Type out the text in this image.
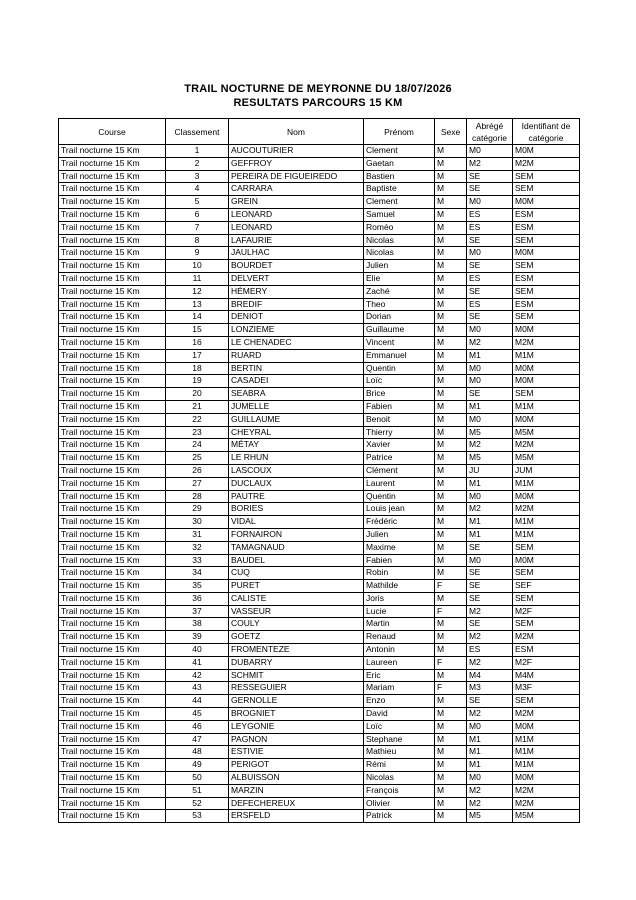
TRAIL NOCTURNE DE MEYRONNE DU 18/07/2026
RESULTATS PARCOURS 15 KM
Course	Classement	Nom	Prénom	Sexe	Abrégé catégorie	Identifiant de catégorie
Trail nocturne 15 Km	1	AUCOUTURIER	Clement	M	M0	M0M
Trail nocturne 15 Km	2	GEFFROY	Gaetan	M	M2	M2M
Trail nocturne 15 Km	3	PEREIRA DE FIGUEIREDO	Bastien	M	SE	SEM
Trail nocturne 15 Km	4	CARRARA	Baptiste	M	SE	SEM
Trail nocturne 15 Km	5	GREIN	Clement	M	M0	M0M
Trail nocturne 15 Km	6	LEONARD	Samuel	M	ES	ESM
Trail nocturne 15 Km	7	LEONARD	Roméo	M	ES	ESM
Trail nocturne 15 Km	8	LAFAURIE	Nicolas	M	SE	SEM
Trail nocturne 15 Km	9	JAULHAC	Nicolas	M	M0	M0M
Trail nocturne 15 Km	10	BOURDET	Julien	M	SE	SEM
Trail nocturne 15 Km	11	DELVERT	Elie	M	ES	ESM
Trail nocturne 15 Km	12	HÉMERY	Zaché	M	SE	SEM
Trail nocturne 15 Km	13	BREDIF	Theo	M	ES	ESM
Trail nocturne 15 Km	14	DENIOT	Dorian	M	SE	SEM
Trail nocturne 15 Km	15	LONZIEME	Guillaume	M	M0	M0M
Trail nocturne 15 Km	16	LE CHENADEC	Vincent	M	M2	M2M
Trail nocturne 15 Km	17	RUARD	Emmanuel	M	M1	M1M
Trail nocturne 15 Km	18	BERTIN	Quentin	M	M0	M0M
Trail nocturne 15 Km	19	CASADEI	Loïc	M	M0	M0M
Trail nocturne 15 Km	20	SEABRA	Brice	M	SE	SEM
Trail nocturne 15 Km	21	JUMELLE	Fabien	M	M1	M1M
Trail nocturne 15 Km	22	GUILLAUME	Benoit	M	M0	M0M
Trail nocturne 15 Km	23	CHEYRAL	Thierry	M	M5	M5M
Trail nocturne 15 Km	24	MÉTAY	Xavier	M	M2	M2M
Trail nocturne 15 Km	25	LE RHUN	Patrice	M	M5	M5M
Trail nocturne 15 Km	26	LASCOUX	Clément	M	JU	JUM
Trail nocturne 15 Km	27	DUCLAUX	Laurent	M	M1	M1M
Trail nocturne 15 Km	28	PAUTRE	Quentin	M	M0	M0M
Trail nocturne 15 Km	29	BORIES	Louis jean	M	M2	M2M
Trail nocturne 15 Km	30	VIDAL	Frédéric	M	M1	M1M
Trail nocturne 15 Km	31	FORNAIRON	Julien	M	M1	M1M
Trail nocturne 15 Km	32	TAMAGNAUD	Maxime	M	SE	SEM
Trail nocturne 15 Km	33	BAUDEL	Fabien	M	M0	M0M
Trail nocturne 15 Km	34	CUQ	Robin	M	SE	SEM
Trail nocturne 15 Km	35	PURET	Mathilde	F	SE	SEF
Trail nocturne 15 Km	36	CALISTE	Joris	M	SE	SEM
Trail nocturne 15 Km	37	VASSEUR	Lucie	F	M2	M2F
Trail nocturne 15 Km	38	COULY	Martin	M	SE	SEM
Trail nocturne 15 Km	39	GOETZ	Renaud	M	M2	M2M
Trail nocturne 15 Km	40	FROMENTEZE	Antonin	M	ES	ESM
Trail nocturne 15 Km	41	DUBARRY	Laureen	F	M2	M2F
Trail nocturne 15 Km	42	SCHMIT	Eric	M	M4	M4M
Trail nocturne 15 Km	43	RESSEGUIER	Mariam	F	M3	M3F
Trail nocturne 15 Km	44	GERNOLLE	Enzo	M	SE	SEM
Trail nocturne 15 Km	45	BROGNIET	David	M	M2	M2M
Trail nocturne 15 Km	46	LEYGONIE	Loïc	M	M0	M0M
Trail nocturne 15 Km	47	PAGNON	Stephane	M	M1	M1M
Trail nocturne 15 Km	48	ESTIVIE	Mathieu	M	M1	M1M
Trail nocturne 15 Km	49	PERIGOT	Rémi	M	M1	M1M
Trail nocturne 15 Km	50	ALBUISSON	Nicolas	M	M0	M0M
Trail nocturne 15 Km	51	MARZIN	François	M	M2	M2M
Trail nocturne 15 Km	52	DEFECHEREUX	Olivier	M	M2	M2M
Trail nocturne 15 Km	53	ERSFELD	Patrick	M	M5	M5M
